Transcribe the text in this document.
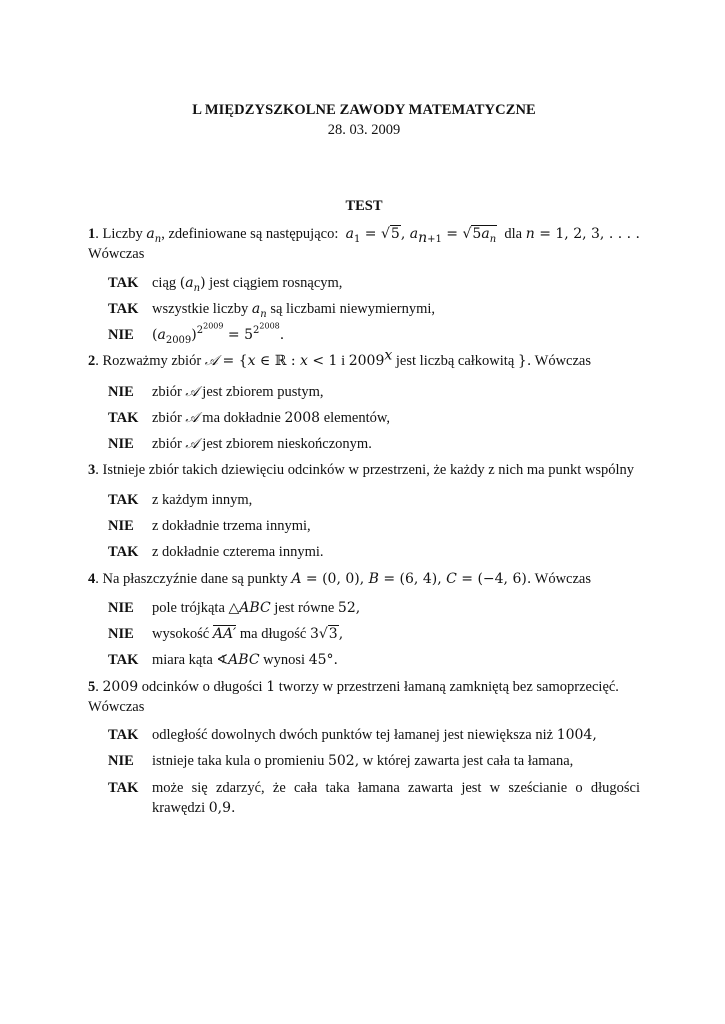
L MIĘDZYSZKOLNE ZAWODY MATEMATYCZNE
28. 03. 2009
TEST
1. Liczby $a_n$, zdefiniowane są następująco: $a_1 = √5$, $a_{n+1} = √5a_n$ dla n = 1, 2, 3, . . . .
Wówczas
TAK ciąg $(a_n)$ jest ciągiem rosnącym,
TAK wszystkie liczby $a_n$ są liczbami niewymiernymi,
NIE	$(a_{2009})^{2^{2009}} = 5^{2^{2008}}$.
2. Rozważmy zbiór 𝒜 = {x ∈ ℝ : x < 1 i 2009$^x$ jest liczbą całkowitą }. Wówczas
NIE	zbiór 𝒜 jest zbiorem pustym,
TAK zbiór 𝒜 ma dokładnie 2008 elementów,
NIE	zbiór 𝒜 jest zbiorem nieskończonym.
3. Istnieje zbiór takich dziewięciu odcinków w przestrzeni, że każdy z nich ma punkt wspólny
TAK z każdym innym,
NIE	z dokładnie trzema innymi,
TAK z dokładnie czterema innymi.
4. Na płaszczyźnie dane są punkty A = (0, 0), B = (6, 4), C = (−4, 6). Wówczas
NIE	pole trójkąta △ABC jest równe 52,
NIE	wysokość AA′ ma długość 3√3,
TAK miara kąta ∢ABC wynosi 45°.
5. 2009 odcinków o długości 1 tworzy w przestrzeni łamaną zamkniętą bez samoprzecięć.
Wówczas
TAK odległość dowolnych dwóch punktów tej łamanej jest niewiększa niż 1004,
NIE	istnieje taka kula o promieniu 502, w której zawarta jest cała ta łamana,
TAK może się zdarzyć, że cała taka łamana zawarta jest w sześcianie o długości krawędzi 0,9.
